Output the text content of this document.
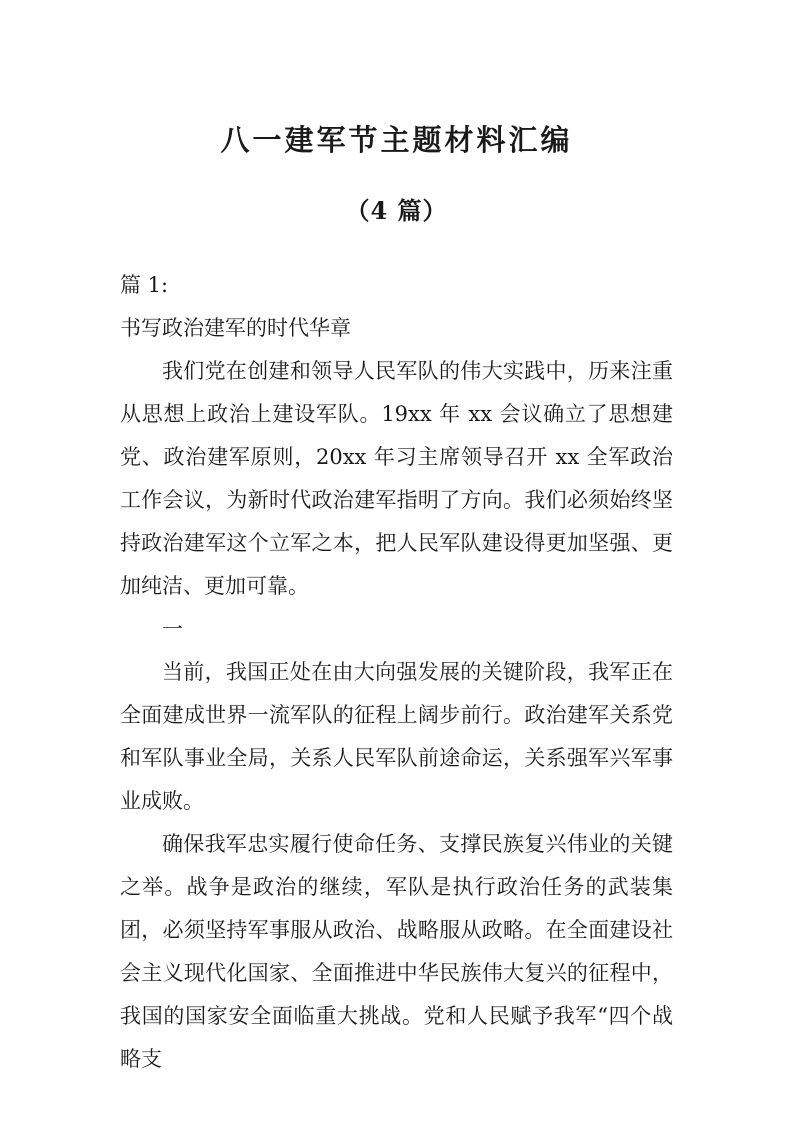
八一建军节主题材料汇编
（4 篇）

篇 1:

书写政治建军的时代华章

我们党在创建和领导人民军队的伟大实践中，历来注重从思想上政治上建设军队。19xx 年 xx 会议确立了思想建党、政治建军原则，20xx 年习主席领导召开 xx 全军政治工作会议，为新时代政治建军指明了方向。我们必须始终坚持政治建军这个立军之本，把人民军队建设得更加坚强、更加纯洁、更加可靠。

一

当前，我国正处在由大向强发展的关键阶段，我军正在全面建成世界一流军队的征程上阔步前行。政治建军关系党和军队事业全局，关系人民军队前途命运，关系强军兴军事业成败。

确保我军忠实履行使命任务、支撑民族复兴伟业的关键之举。战争是政治的继续，军队是执行政治任务的武装集团，必须坚持军事服从政治、战略服从政略。在全面建设社会主义现代化国家、全面推进中华民族伟大复兴的征程中，我国的国家安全面临重大挑战。党和人民赋予我军“四个战略支
